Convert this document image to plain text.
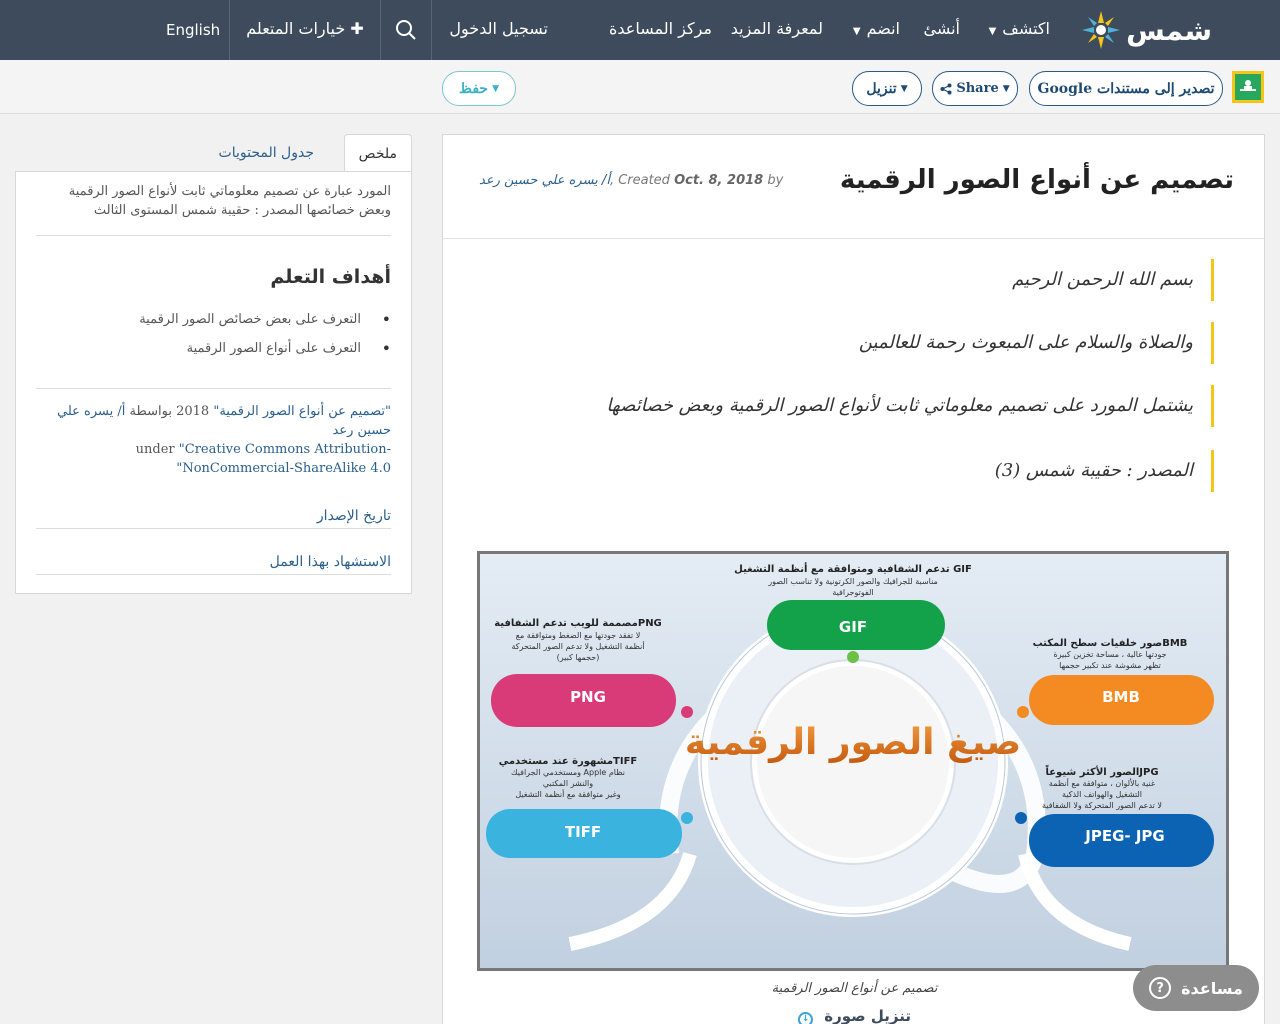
شمس
اكتشف▼
أنشئ
انضم▼
لمعرفة المزيد
مركز المساعدة
تسجيل الدخول
✚ خيارات المتعلم
English
تصدير إلى مستندات Google
▼
Share
▼
تنزيل
▼
حفظ
تصميم عن أنواع الصور الرقمية
أ/ يسره علي حسين رعد, Created Oct. 8, 2018 by
بسم الله الرحمن الرحيم
والصلاة والسلام على المبعوث رحمة للعالمين
يشتمل المورد على تصميم معلوماتي ثابت لأنواع الصور الرقمية وبعض خصائصها
المصدر : حقيبة شمس (3)
صيغ الصور الرقمية
GIF
GIF تدعم الشفافية ومتوافقة مع أنظمة التشغيل
مناسبة للجرافيك والصور الكرتونية ولا تناسب الصور
الفوتوجرافية
PNG
PNGمصممة للويب تدعم الشفافية
لا تفقد جودتها مع الضغط ومتوافقة مع
أنظمة التشغيل ولا تدعم الصور المتحركة
(حجمها كبير)
BMB
BMBصور خلفيات سطح المكتب
جودتها عالية ، مساحة تخزين كبيرة
تظهر مشوشة عند تكبير حجمها
TIFF
TIFFمشهورة عند مستخدمي
نظام Apple ومستخدمي الجرافيك
والنشر المكتبي
وغير متوافقة مع أنظمة التشغيل
JPEG- JPG
JPGالصور الأكثر شيوعاً
غنية بالألوان ، متوافقة مع أنظمة
التشغيل والهواتف الذكية
لا تدعم الصور المتحركة ولا الشفافية
تصميم عن أنواع الصور الرقمية
تنزيل صورة ↓
ملخص
جدول المحتويات

المورد عبارة عن تصميم معلوماتي ثابت لأنواع الصور الرقمية وبعض خصائصها المصدر : حقيبة شمس المستوى الثالث

أهداف التعلم
• التعرف على بعض خصائص الصور الرقمية
• التعرف على أنواع الصور الرقمية

"تصميم عن أنواع الصور الرقمية" 2018 بواسطة أ/ يسره علي حسين رعد
under "Creative Commons Attribution-NonCommercial-ShareAlike 4.0"

تاريخ الإصدار
الاستشهاد بهذا العمل
مساعدة
?
